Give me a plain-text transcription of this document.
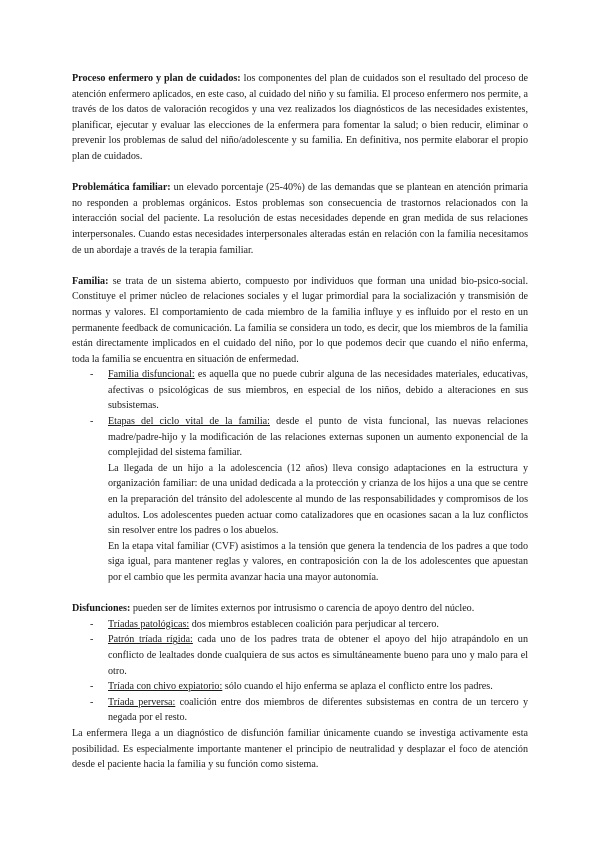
Proceso enfermero y plan de cuidados: los componentes del plan de cuidados son el resultado del proceso de atención enfermero aplicados, en este caso, al cuidado del niño y su familia. El proceso enfermero nos permite, a través de los datos de valoración recogidos y una vez realizados los diagnósticos de las necesidades existentes, planificar, ejecutar y evaluar las elecciones de la enfermera para fomentar la salud; o bien reducir, eliminar o prevenir los problemas de salud del niño/adolescente y su familia. En definitiva, nos permite elaborar el propio plan de cuidados.

Problemática familiar: un elevado porcentaje (25-40%) de las demandas que se plantean en atención primaria no responden a problemas orgánicos. Estos problemas son consecuencia de trastornos relacionados con la interacción social del paciente. La resolución de estas necesidades depende en gran medida de sus relaciones interpersonales. Cuando estas necesidades interpersonales alteradas están en relación con la familia necesitamos de un abordaje a través de la terapia familiar.

Familia: se trata de un sistema abierto, compuesto por individuos que forman una unidad bio-psico-social. Constituye el primer núcleo de relaciones sociales y el lugar primordial para la socialización y transmisión de normas y valores. El comportamiento de cada miembro de la familia influye y es influido por el resto en un permanente feedback de comunicación. La familia se considera un todo, es decir, que los miembros de la familia están directamente implicados en el cuidado del niño, por lo que podemos decir que cuando el niño enferma, toda la familia se encuentra en situación de enfermedad.

- Familia disfuncional: es aquella que no puede cubrir alguna de las necesidades materiales, educativas, afectivas o psicológicas de sus miembros, en especial de los niños, debido a alteraciones en sus subsistemas.
- Etapas del ciclo vital de la familia: desde el punto de vista funcional, las nuevas relaciones madre/padre-hijo y la modificación de las relaciones externas suponen un aumento exponencial de la complejidad del sistema familiar.

La llegada de un hijo a la adolescencia (12 años) lleva consigo adaptaciones en la estructura y organización familiar: de una unidad dedicada a la protección y crianza de los hijos a una que se centre en la preparación del tránsito del adolescente al mundo de las responsabilidades y compromisos de los adultos. Los adolescentes pueden actuar como catalizadores que en ocasiones sacan a la luz conflictos sin resolver entre los padres o los abuelos.

En la etapa vital familiar (CVF) asistimos a la tensión que genera la tendencia de los padres a que todo siga igual, para mantener reglas y valores, en contraposición con la de los adolescentes que apuestan por el cambio que les permita avanzar hacia una mayor autonomía.

Disfunciones: pueden ser de límites externos por intrusismo o carencia de apoyo dentro del núcleo.

- Tríadas patológicas: dos miembros establecen coalición para perjudicar al tercero.
- Patrón tríada rígida: cada uno de los padres trata de obtener el apoyo del hijo atrapándolo en un conflicto de lealtades donde cualquiera de sus actos es simultáneamente bueno para uno y malo para el otro.
- Tríada con chivo expiatorio: sólo cuando el hijo enferma se aplaza el conflicto entre los padres.
- Tríada perversa: coalición entre dos miembros de diferentes subsistemas en contra de un tercero y negada por el resto.

La enfermera llega a un diagnóstico de disfunción familiar únicamente cuando se investiga activamente esta posibilidad. Es especialmente importante mantener el principio de neutralidad y desplazar el foco de atención desde el paciente hacia la familia y su función como sistema.
